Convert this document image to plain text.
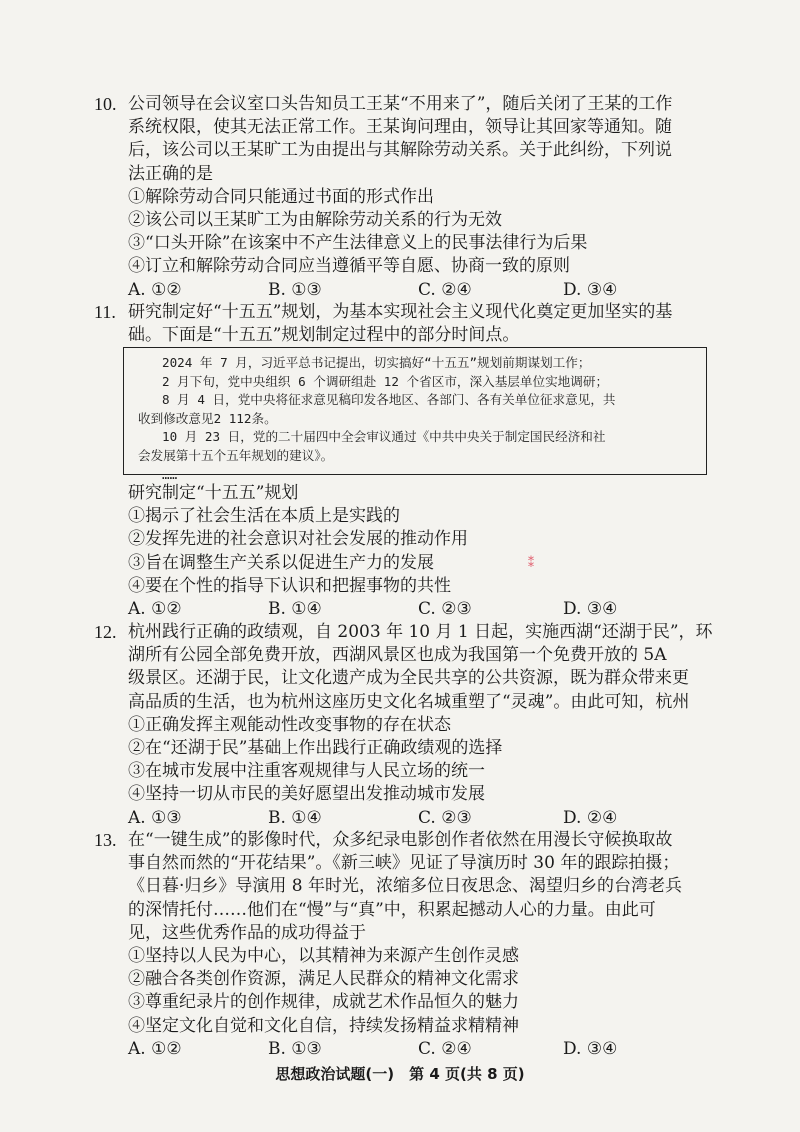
10. 公司领导在会议室口头告知员工王某“不用来了”，随后关闭了王某的工作
系统权限，使其无法正常工作。王某询问理由，领导让其回家等通知。随
后，该公司以王某旷工为由提出与其解除劳动关系。关于此纠纷，下列说
法正确的是
①解除劳动合同只能通过书面的形式作出
②该公司以王某旷工为由解除劳动关系的行为无效
③“口头开除”在该案中不产生法律意义上的民事法律行为后果
④订立和解除劳动合同应当遵循平等自愿、协商一致的原则
A. ①②	B. ①③	C. ②④	D. ③④
11. 研究制定好“十五五”规划，为基本实现社会主义现代化奠定更加坚实的基
础。下面是“十五五”规划制定过程中的部分时间点。
2024 年 7 月，习近平总书记提出，切实搞好“十五五”规划前期谋划工作；
2 月下旬，党中央组织 6 个调研组赴 12 个省区市，深入基层单位实地调研；
8 月 4 日，党中央将征求意见稿印发各地区、各部门、各有关单位征求意见，共
收到修改意见2 112条。
10 月 23 日，党的二十届四中全会审议通过《中共中央关于制定国民经济和社
会发展第十五个五年规划的建议》。
……
研究制定“十五五”规划
①揭示了社会生活在本质上是实践的
②发挥先进的社会意识对社会发展的推动作用
③旨在调整生产关系以促进生产力的发展
④要在个性的指导下认识和把握事物的共性
A. ①②	B. ①④	C. ②③	D. ③④
⁑
12. 杭州践行正确的政绩观，自 2003 年 10 月 1 日起，实施西湖“还湖于民”，环
湖所有公园全部免费开放，西湖风景区也成为我国第一个免费开放的 5A
级景区。还湖于民，让文化遗产成为全民共享的公共资源，既为群众带来更
高品质的生活，也为杭州这座历史文化名城重塑了“灵魂”。由此可知，杭州
①正确发挥主观能动性改变事物的存在状态
②在“还湖于民”基础上作出践行正确政绩观的选择
③在城市发展中注重客观规律与人民立场的统一
④坚持一切从市民的美好愿望出发推动城市发展
A. ①③	B. ①④	C. ②③	D. ②④
13. 在“一键生成”的影像时代，众多纪录电影创作者依然在用漫长守候换取故
事自然而然的“开花结果”。《新三峡》见证了导演历时 30 年的跟踪拍摄；
《日暮·归乡》导演用 8 年时光，浓缩多位日夜思念、渴望归乡的台湾老兵
的深情托付……他们在“慢”与“真”中，积累起撼动人心的力量。由此可
见，这些优秀作品的成功得益于
①坚持以人民为中心，以其精神为来源产生创作灵感
②融合各类创作资源，满足人民群众的精神文化需求
③尊重纪录片的创作规律，成就艺术作品恒久的魅力
④坚定文化自觉和文化自信，持续发扬精益求精精神
A. ①②	B. ①③	C. ②④	D. ③④
思想政治试题(一)　第 4 页(共 8 页)
